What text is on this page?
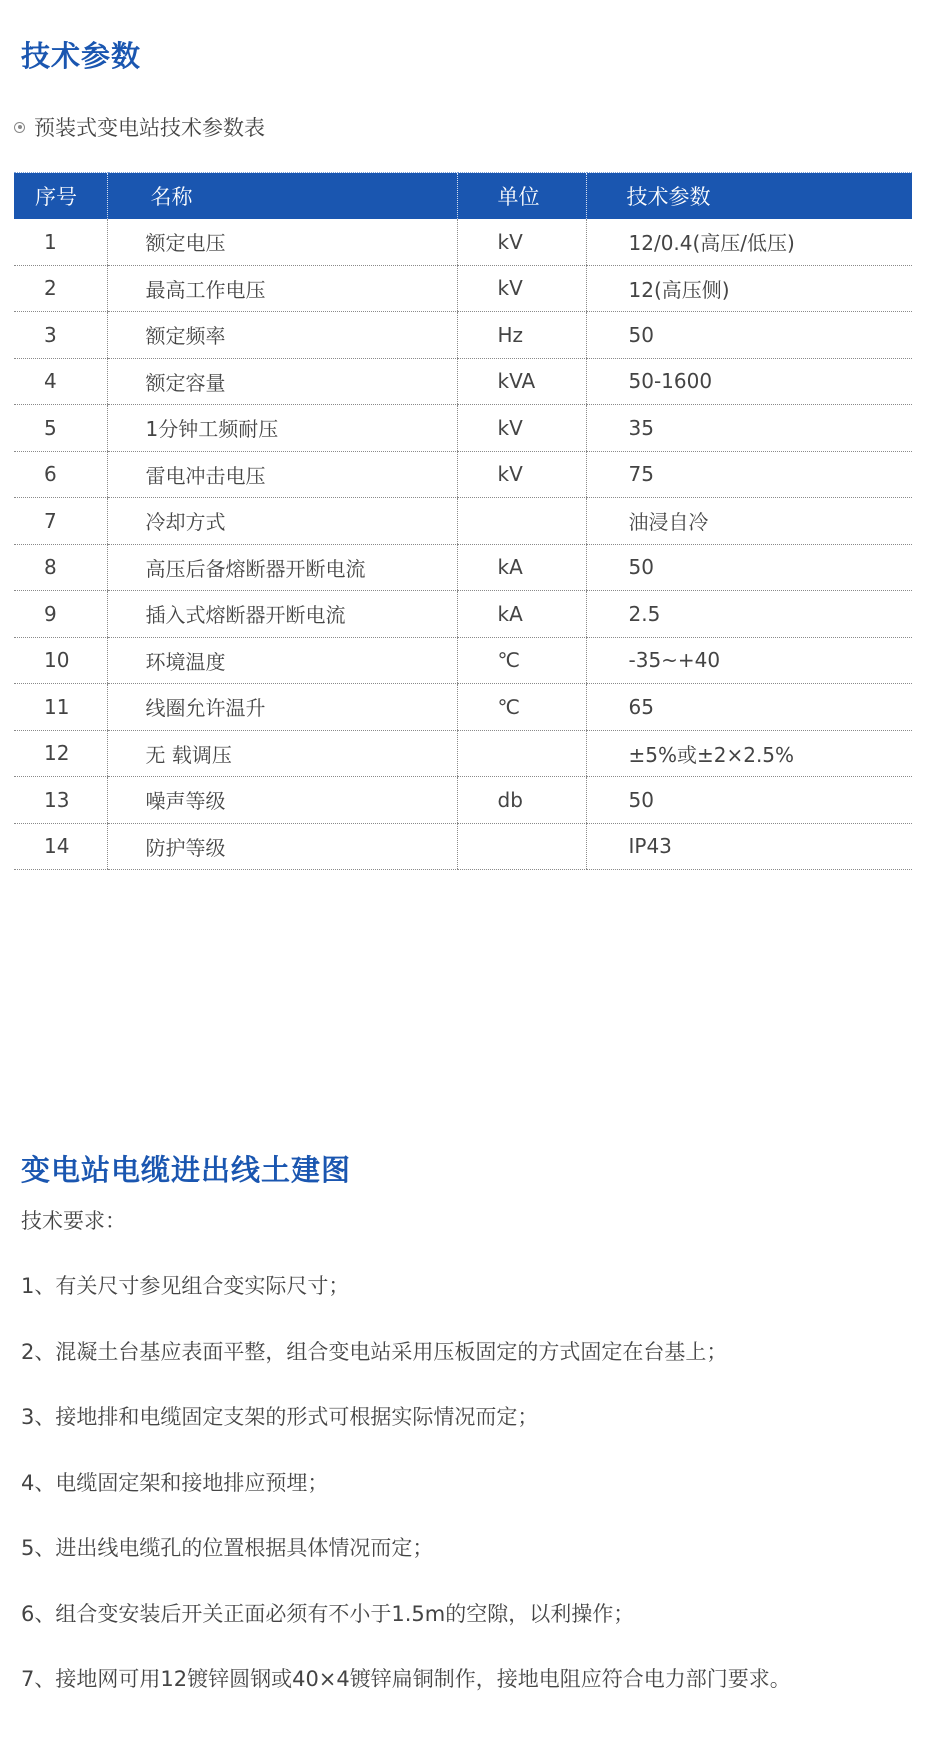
技术参数
预装式变电站技术参数表
序号	名称	单位	技术参数
1	额定电压	kV	12/0.4(高压/低压)
2	最高工作电压	kV	12(高压侧)
3	额定频率	Hz	50
4	额定容量	kVA	50-1600
5	1分钟工频耐压	kV	35
6	雷电冲击电压	kV	75
7	冷却方式		油浸自冷
8	高压后备熔断器开断电流	kA	50
9	插入式熔断器开断电流	kA	2.5
10	环境温度	℃	-35~+40
11	线圈允许温升	℃	65
12	无 载调压		±5%或±2×2.5%
13	噪声等级	db	50
14	防护等级		IP43
变电站电缆进出线土建图

技术要求：

1、有关尺寸参见组合变实际尺寸；
2、混凝土台基应表面平整，组合变电站采用压板固定的方式固定在台基上；
3、接地排和电缆固定支架的形式可根据实际情况而定；
4、电缆固定架和接地排应预埋；
5、进出线电缆孔的位置根据具体情况而定；
6、组合变安装后开关正面必须有不小于1.5m的空隙，以利操作；
7、接地网可用12镀锌圆钢或40×4镀锌扁铜制作，接地电阻应符合电力部门要求。
